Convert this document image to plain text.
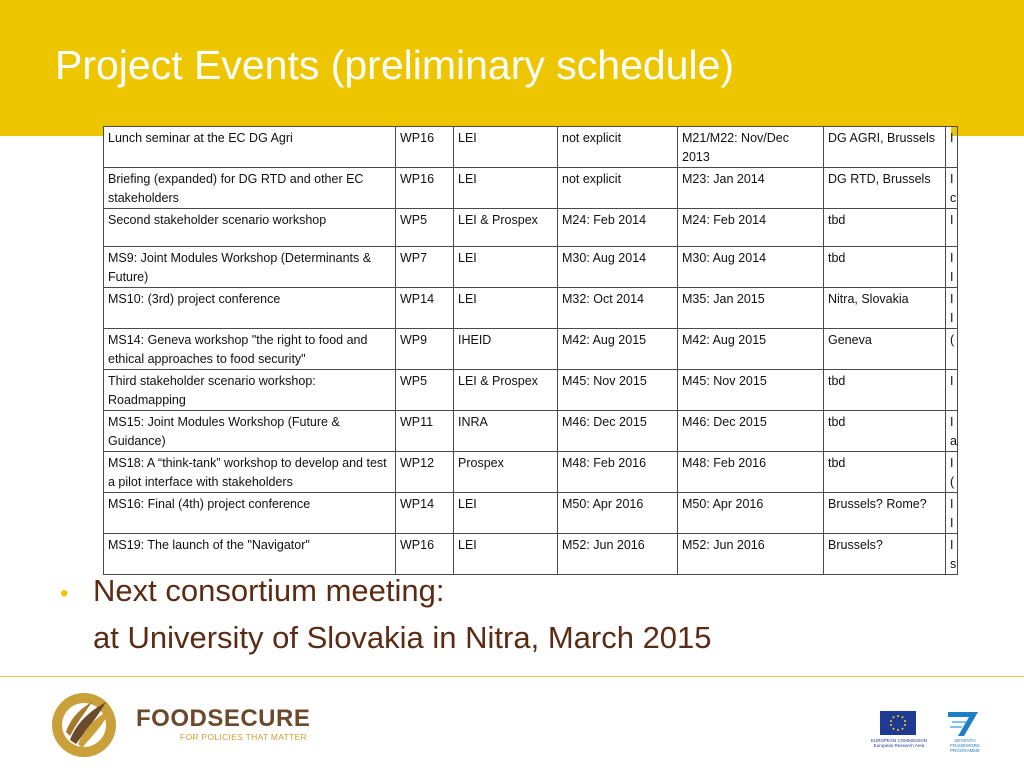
Project Events (preliminary schedule)
Lunch seminar at the EC DG Agri	WP16	LEI	not explicit	M21/M22: Nov/Dec 2013	DG AGRI, Brussels	I
Briefing (expanded) for DG RTD and other EC stakeholders	WP16	LEI	not explicit	M23: Jan 2014	DG RTD, Brussels	I c
Second stakeholder scenario workshop	WP5	LEI & Prospex	M24: Feb 2014	M24: Feb 2014	tbd	I
MS9: Joint Modules Workshop (Determinants & Future)	WP7	LEI	M30: Aug 2014	M30: Aug 2014	tbd	I I
MS10: (3rd) project conference	WP14	LEI	M32: Oct 2014	M35: Jan 2015	Nitra, Slovakia	I I
MS14: Geneva workshop "the right to food and ethical approaches to food security"	WP9	IHEID	M42: Aug 2015	M42: Aug 2015	Geneva	(
Third stakeholder scenario workshop: Roadmapping	WP5	LEI & Prospex	M45: Nov 2015	M45: Nov 2015	tbd	I
MS15: Joint Modules Workshop (Future & Guidance)	WP11	INRA	M46: Dec 2015	M46: Dec 2015	tbd	I a
MS18: A “think-tank” workshop to develop and test a pilot interface with stakeholders	WP12	Prospex	M48: Feb 2016	M48: Feb 2016	tbd	I (
MS16: Final (4th) project conference	WP14	LEI	M50: Apr 2016	M50: Apr 2016	Brussels? Rome?	I I
MS19: The launch of the "Navigator"	WP16	LEI	M52: Jun 2016	M52: Jun 2016	Brussels?	I s
• Next consortium meeting:
at University of Slovakia in Nitra, March 2015
FOODSECURE
FOR POLICIES THAT MATTER	EUROPEAN COMMISSION European Research Area
SEVENTH FRAMEWORK PROGRAMME
